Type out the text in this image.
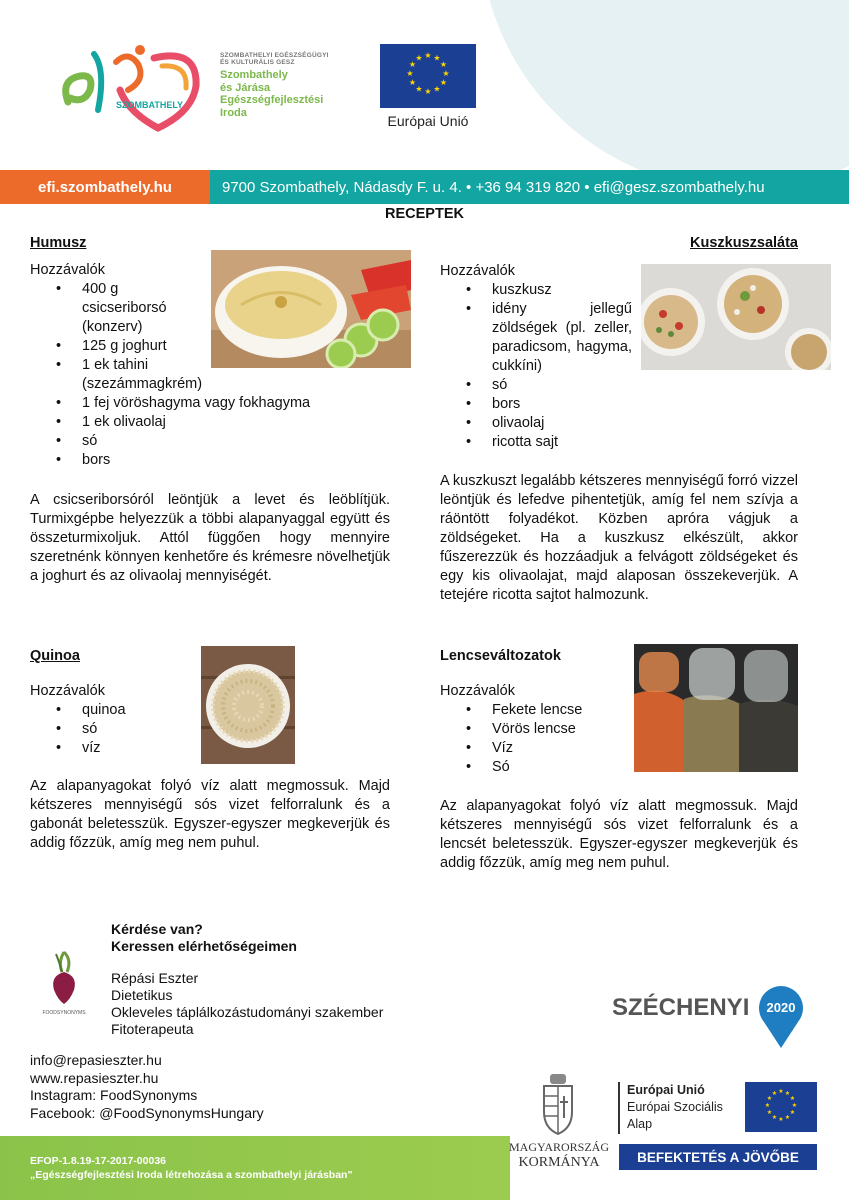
SZOMBATHELY
SZOMBATHELYI EGÉSZSÉGÜGYI
ÉS KULTURÁLIS GESZ
Szombathely
és Járása
Egészségfejlesztési
Iroda
★ ★
★
★
★
★
★
★
★
★
★
★
Európai Unió
efi.szombathely.hu	9700 Szombathely, Nádasdy F. u. 4. • +36 94 319 820 • efi@gesz.szombathely.hu
RECEPTEK
Humusz
Hozzávalók
• 400 g csicseriborsó (konzerv)
• 125 g joghurt
• 1 ek tahini (szezámmagkrém)
• 1 fej vöröshagyma vagy fokhagyma
• 1 ek olivaolaj
• só
• bors

A csicseriborsóról leöntjük a levet és leöblítjük. Turmixgépbe helyezzük a többi alapanyaggal együtt és összeturmixoljuk. Attól függően hogy mennyire szeretnénk könnyen kenhetőre és krémesre növelhetjük a joghurt és az olivaolaj mennyiségét.

Kuszkuszsaláta
Hozzávalók
• kuszkusz
• idény jellegű zöldségek (pl. zeller, paradicsom, hagyma, cukkíni)
• só
• bors
• olivaolaj
• ricotta sajt

A kuszkuszt legalább kétszeres mennyiségű forró vizzel leöntjük és lefedve pihentetjük, amíg fel nem szívja a ráöntött folyadékot. Közben apróra vágjuk a zöldségeket. Ha a kuszkusz elkészült, akkor fűszerezzük és hozzáadjuk a felvágott zöldségeket és egy kis olivaolajat, majd alaposan összekeverjük. A tetejére ricotta sajtot halmozunk.

Quinoa
Hozzávalók
• quinoa
• só
• víz

Az alapanyagokat folyó víz alatt megmossuk. Majd kétszeres mennyiségű sós vizet felforralunk és a gabonát beletesszük. Egyszer-egyszer megkeverjük és addig főzzük, amíg meg nem puhul.

Lencseváltozatok
Hozzávalók
• Fekete lencse
• Vörös lencse
• Víz
• Só

Az alapanyagokat folyó víz alatt megmossuk. Majd kétszeres mennyiségű sós vizet felforralunk és a lencsét beletesszük. Egyszer-egyszer megkeverjük és addig főzzük, amíg meg nem puhul.

Kérdése van?
Keressen elérhetőségeimen
FOODSYNONYMS
Répási Eszter
Dietetikus
Okleveles táplálkozástudományi szakember
Fitoterapeuta
info@repasieszter.hu
www.repasieszter.hu
Instagram: FoodSynonyms
Facebook: @FoodSynonymsHungary
EFOP-1.8.19-17-2017-00036
„Egészségfejlesztési Iroda létrehozása a szombathelyi járásban"
SZÉCHENYI 2020
MAGYARORSZÁG
KORMÁNYA
Európai Unió
Európai Szociális
Alap
★ ★
★
★
★
★
★
★
★
★
★
★
BEFEKTETÉS A JÖVŐBE
